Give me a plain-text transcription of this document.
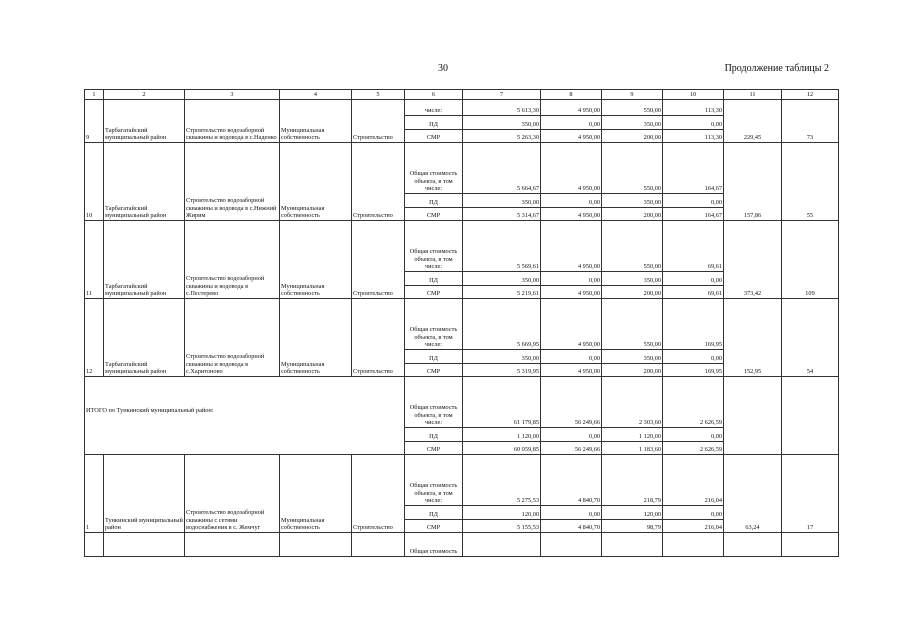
30	Продолжение таблицы 2
1	2	3	4	5	6	7	8	9	10	11	12
9	Тарбагатайский муниципальный район	Строительство водозаборной скважины и водовода в с.Наденко	Муниципальная собственность	Строительство	числе:	5 613,30	4 950,00	550,00	113,30	229,45	73
					ПД	350,00	0,00	350,00	0,00		
					СМР	5 263,30	4 950,00	200,00	113,30		
10	Тарбагатайский муниципальный район	Строительство водозаборной скважины и водовода в с.Нижний Жирим	Муниципальная собственность	Строительство	Общая стоимость объекта, в том числе:	5 664,67	4 950,00	550,00	164,67	157,86	55
					ПД	350,00	0,00	350,00	0,00		
					СМР	5 314,67	4 950,00	200,00	164,67		
11	Тарбагатайский муниципальный район	Строительство водозаборной скважины и водовода в с.Пестерево	Муниципальная собственность	Строительство	Общая стоимость объекта, в том числе:	5 569,61	4 950,00	550,00	69,61	373,42	109
					ПД	350,00	0,00	350,00	0,00		
					СМР	5 219,61	4 950,00	200,00	69,61		
12	Тарбагатайский муниципальный район	Строительство водозаборной скважины и водовода в с.Харитоново	Муниципальная собственность	Строительство	Общая стоимость объекта, в том числе:	5 669,95	4 950,00	550,00	169,95	152,95	54
					ПД	350,00	0,00	350,00	0,00		
					СМР	5 319,95	4 950,00	200,00	169,95		
ИТОГО по Тункинский муниципальный район:					Общая стоимость объекта, в том числе:	61 179,85	56 249,66	2 303,60	2 626,59		
					ПД	1 120,00	0,00	1 120,00	0,00		
					СМР	60 059,85	56 249,66	1 183,60	2 626,59		
1	Тункинский муниципальный район	Строительство водозаборной скважины с сетями водоснабжения в с. Жемчуг	Муниципальная собственность	Строительство	Общая стоимость объекта, в том числе:	5 275,53	4 840,70	218,79	216,04	63,24	17
					ПД	120,00	0,00	120,00	0,00		
					СМР	5 155,53	4 840,70	98,79	216,04		
					Общая стоимость						
